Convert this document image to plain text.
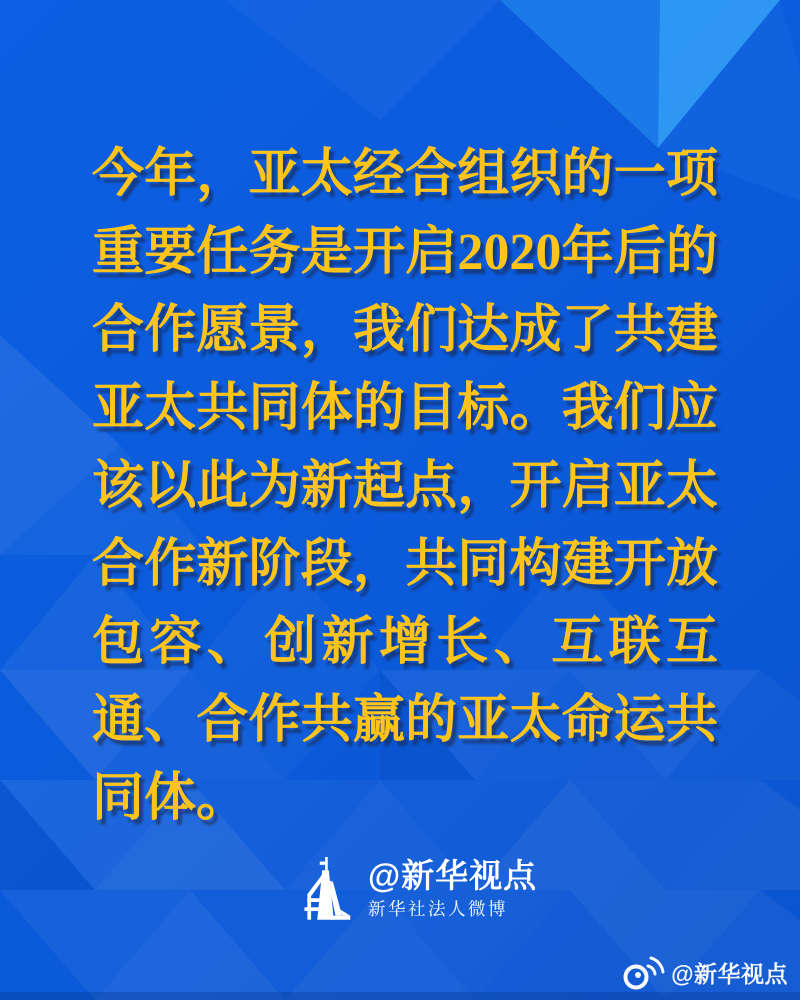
今年，亚太经合组织的一项
重要任务是开启2020年后的
合作愿景，我们达成了共建
亚太共同体的目标。我们应
该以此为新起点，开启亚太
合作新阶段，共同构建开放
包容、创新增长、互联互
通、合作共赢的亚太命运共
同体。
@新华视点
新华社法人微博
@新华视点
